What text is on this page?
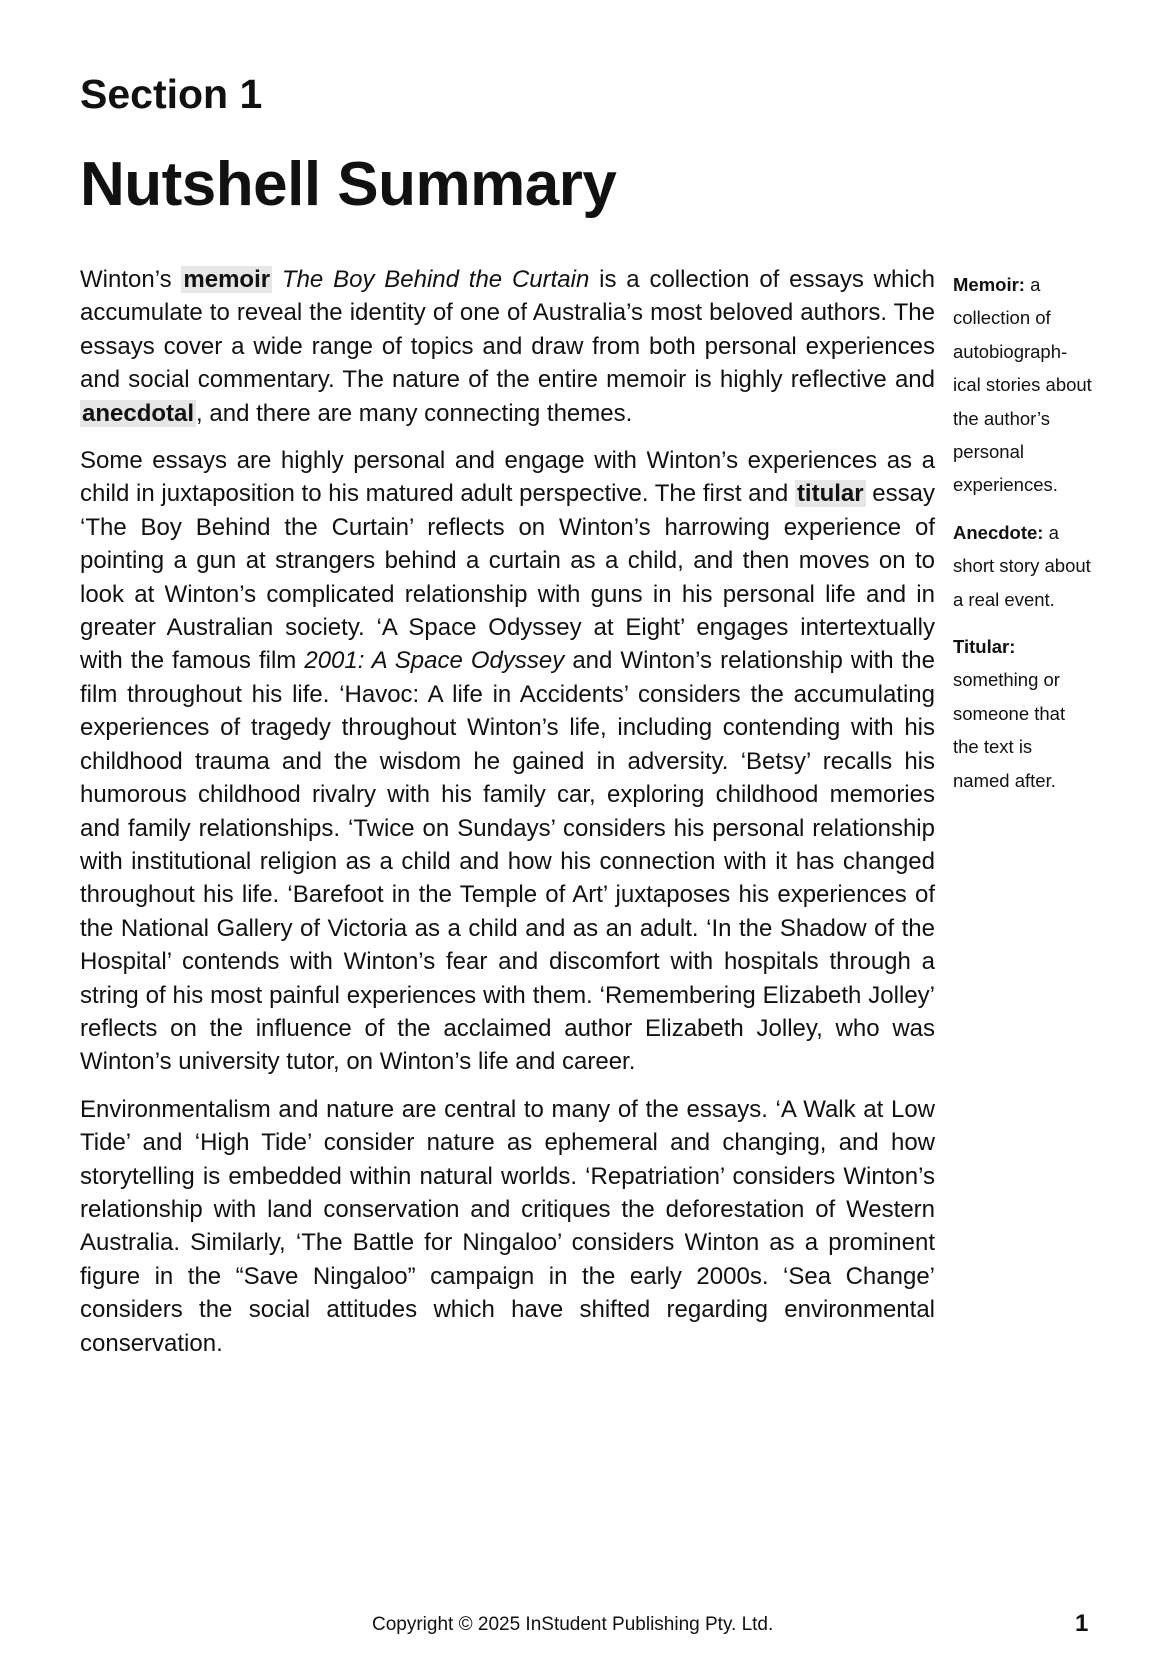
Section 1
Nutshell Summary

Winton’s memoir The Boy Behind the Curtain is a collection of essays which accumulate to reveal the identity of one of Australia’s most beloved authors. The essays cover a wide range of topics and draw from both personal experiences and social commentary. The nature of the entire memoir is highly reflective and anecdotal, and there are many connecting themes.

Some essays are highly personal and engage with Winton’s experiences as a child in juxtaposition to his matured adult perspective. The first and titular essay ‘The Boy Behind the Curtain’ reflects on Winton’s harrowing experience of pointing a gun at strangers behind a curtain as a child, and then moves on to look at Winton’s complicated relationship with guns in his personal life and in greater Australian society. ‘A Space Odyssey at Eight’ engages intertextually with the famous film 2001: A Space Odyssey and Winton’s relationship with the film throughout his life. ‘Havoc: A life in Accidents’ considers the accumulating experiences of tragedy throughout Winton’s life, including contending with his childhood trauma and the wisdom he gained in adversity. ‘Betsy’ recalls his humorous childhood rivalry with his family car, exploring childhood memories and family relationships. ‘Twice on Sundays’ considers his personal relationship with institutional religion as a child and how his connection with it has changed throughout his life. ‘Barefoot in the Temple of Art’ juxtaposes his experiences of the National Gallery of Victoria as a child and as an adult. ‘In the Shadow of the Hospital’ contends with Winton’s fear and discomfort with hospitals through a string of his most painful experiences with them. ‘Remembering Elizabeth Jolley’ reflects on the influence of the acclaimed author Elizabeth Jolley, who was Winton’s university tutor, on Winton’s life and career.

Environmentalism and nature are central to many of the essays. ‘A Walk at Low Tide’ and ‘High Tide’ consider nature as ephemeral and changing, and how storytelling is embedded within natural worlds. ‘Repatriation’ considers Winton’s relationship with land conservation and critiques the deforestation of Western Australia. Similarly, ‘The Battle for Ningaloo’ considers Winton as a prominent figure in the “Save Ningaloo” campaign in the early 2000s. ‘Sea Change’ considers the social attitudes which have shifted regarding environmental conservation.

Memoir: a collection of autobiograph-ical stories about the author’s personal experiences.
Anecdote: a short story about a real event.
Titular: something or someone that the text is named after.
Copyright © 2025 InStudent Publishing Pty. Ltd.	1
